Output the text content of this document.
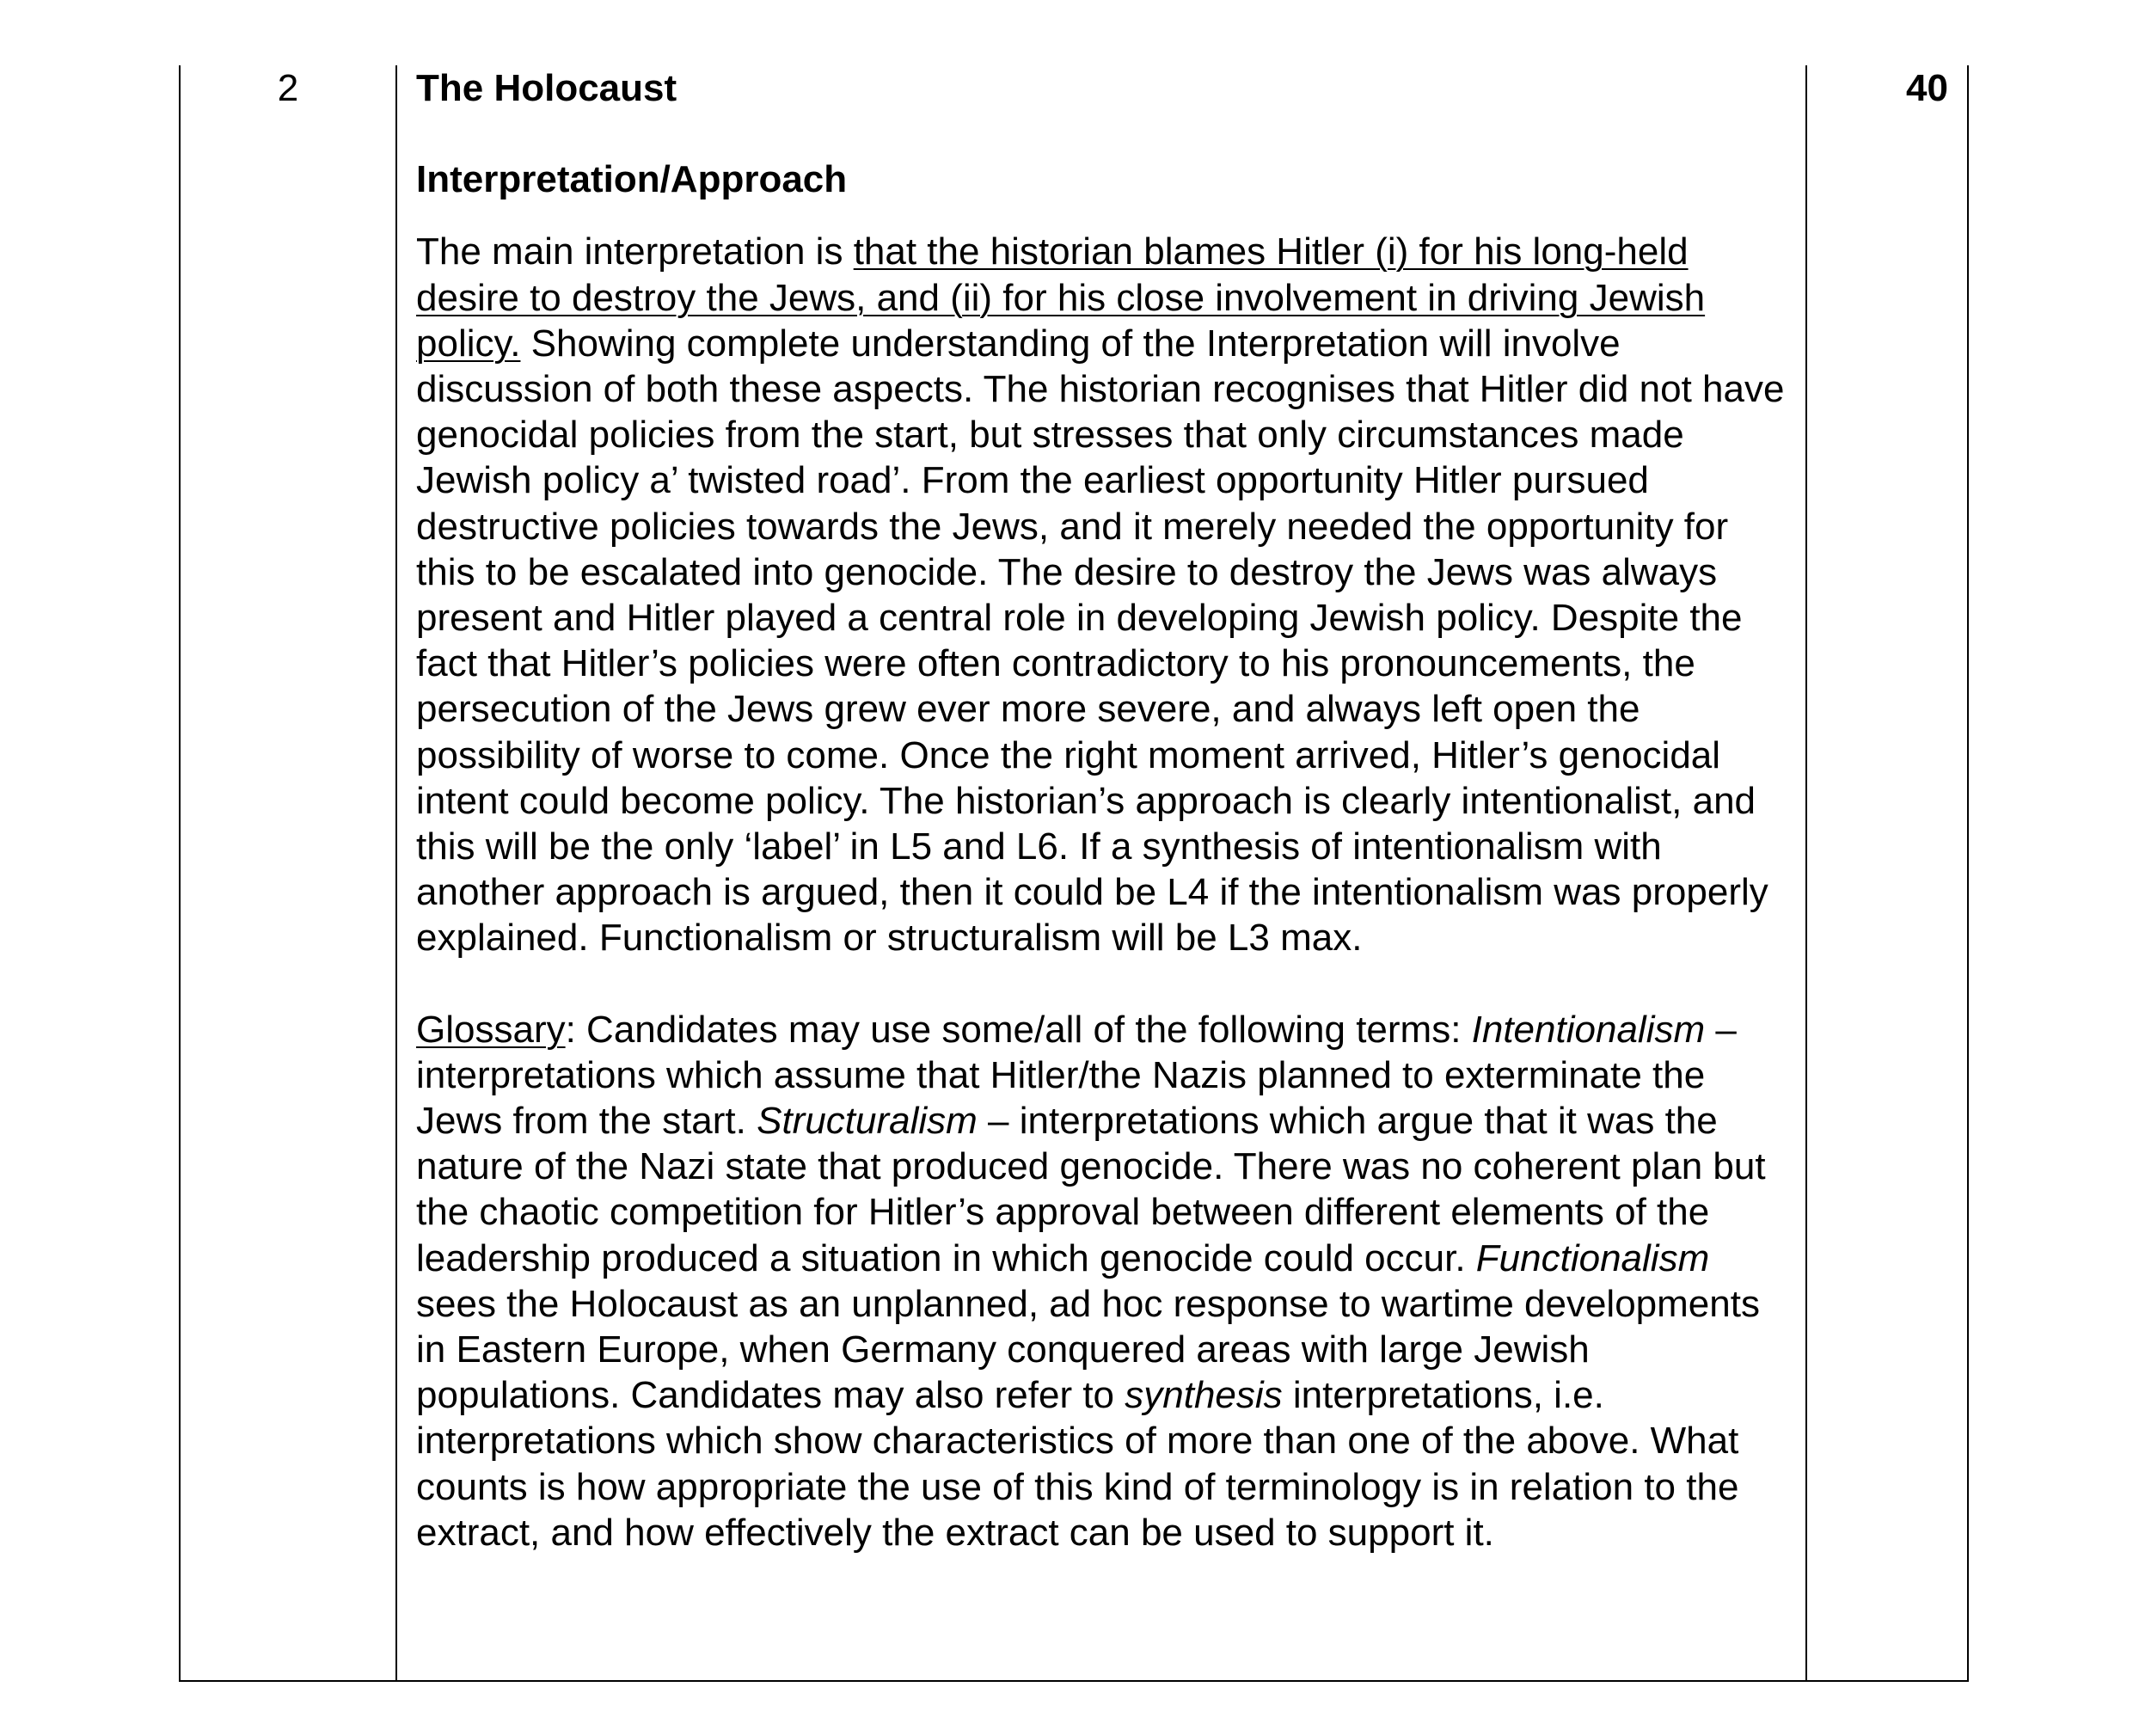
2	The Holocaust

Interpretation/Approach

The main interpretation is that the historian blames Hitler (i) for his long-held desire to destroy the Jews, and (ii) for his close involvement in driving Jewish policy. Showing complete understanding of the Interpretation will involve discussion of both these aspects. The historian recognises that Hitler did not have genocidal policies from the start, but stresses that only circumstances made Jewish policy a’ twisted road’. From the earliest opportunity Hitler pursued destructive policies towards the Jews, and it merely needed the opportunity for this to be escalated into genocide. The desire to destroy the Jews was always present and Hitler played a central role in developing Jewish policy. Despite the fact that Hitler’s policies were often contradictory to his pronouncements, the persecution of the Jews grew ever more severe, and always left open the possibility of worse to come. Once the right moment arrived, Hitler’s genocidal intent could become policy. The historian’s approach is clearly intentionalist, and this will be the only ‘label’ in L5 and L6. If a synthesis of intentionalism with another approach is argued, then it could be L4 if the intentionalism was properly explained. Functionalism or structuralism will be L3 max.

Glossary: Candidates may use some/all of the following terms: Intentionalism – interpretations which assume that Hitler/the Nazis planned to exterminate the Jews from the start. Structuralism – interpretations which argue that it was the nature of the Nazi state that produced genocide. There was no coherent plan but the chaotic competition for Hitler’s approval between different elements of the leadership produced a situation in which genocide could occur. Functionalism sees the Holocaust as an unplanned, ad hoc response to wartime developments in Eastern Europe, when Germany conquered areas with large Jewish populations. Candidates may also refer to synthesis interpretations, i.e. interpretations which show characteristics of more than one of the above. What counts is how appropriate the use of this kind of terminology is in relation to the extract, and how effectively the extract can be used to support it.

40
